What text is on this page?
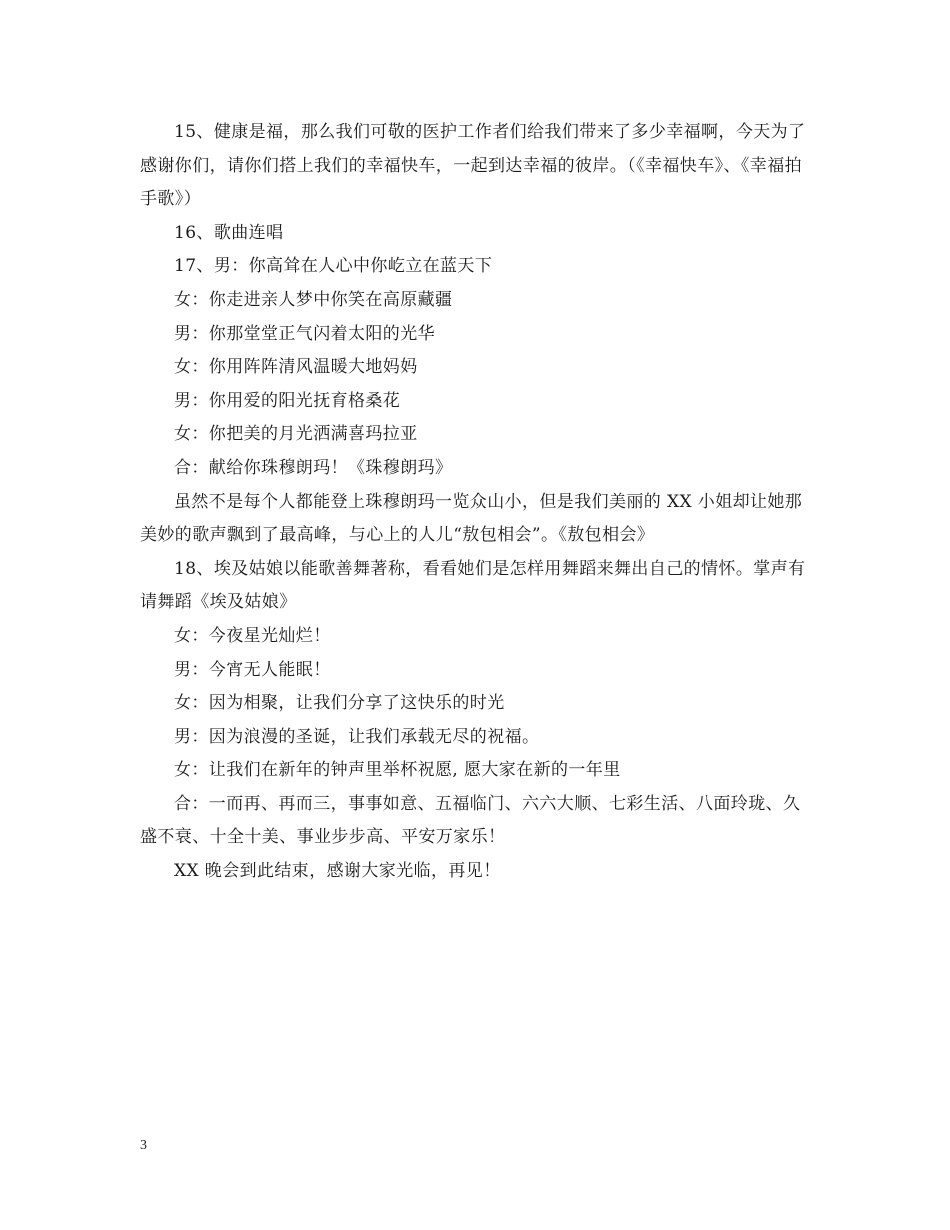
15、健康是福，那么我们可敬的医护工作者们给我们带来了多少幸福啊，今天为了感谢你们，请你们搭上我们的幸福快车，一起到达幸福的彼岸。（《幸福快车》、《幸福拍手歌》）

16、歌曲连唱

17、男：你高耸在人心中你屹立在蓝天下

女：你走进亲人梦中你笑在高原藏疆

男：你那堂堂正气闪着太阳的光华

女：你用阵阵清风温暖大地妈妈

男：你用爱的阳光抚育格桑花

女：你把美的月光洒满喜玛拉亚

合：献给你珠穆朗玛！《珠穆朗玛》

虽然不是每个人都能登上珠穆朗玛一览众山小，但是我们美丽的 XX 小姐却让她那美妙的歌声飘到了最高峰，与心上的人儿“敖包相会”。《敖包相会》

18、埃及姑娘以能歌善舞著称，看看她们是怎样用舞蹈来舞出自己的情怀。掌声有请舞蹈《埃及姑娘》

女：今夜星光灿烂！

男：今宵无人能眠！

女：因为相聚，让我们分享了这快乐的时光

男：因为浪漫的圣诞，让我们承载无尽的祝福。

女：让我们在新年的钟声里举杯祝愿, 愿大家在新的一年里

合：一而再、再而三，事事如意、五福临门、六六大顺、七彩生活、八面玲珑、久盛不衰、十全十美、事业步步高、平安万家乐！

XX 晚会到此结束，感谢大家光临，再见！

3
